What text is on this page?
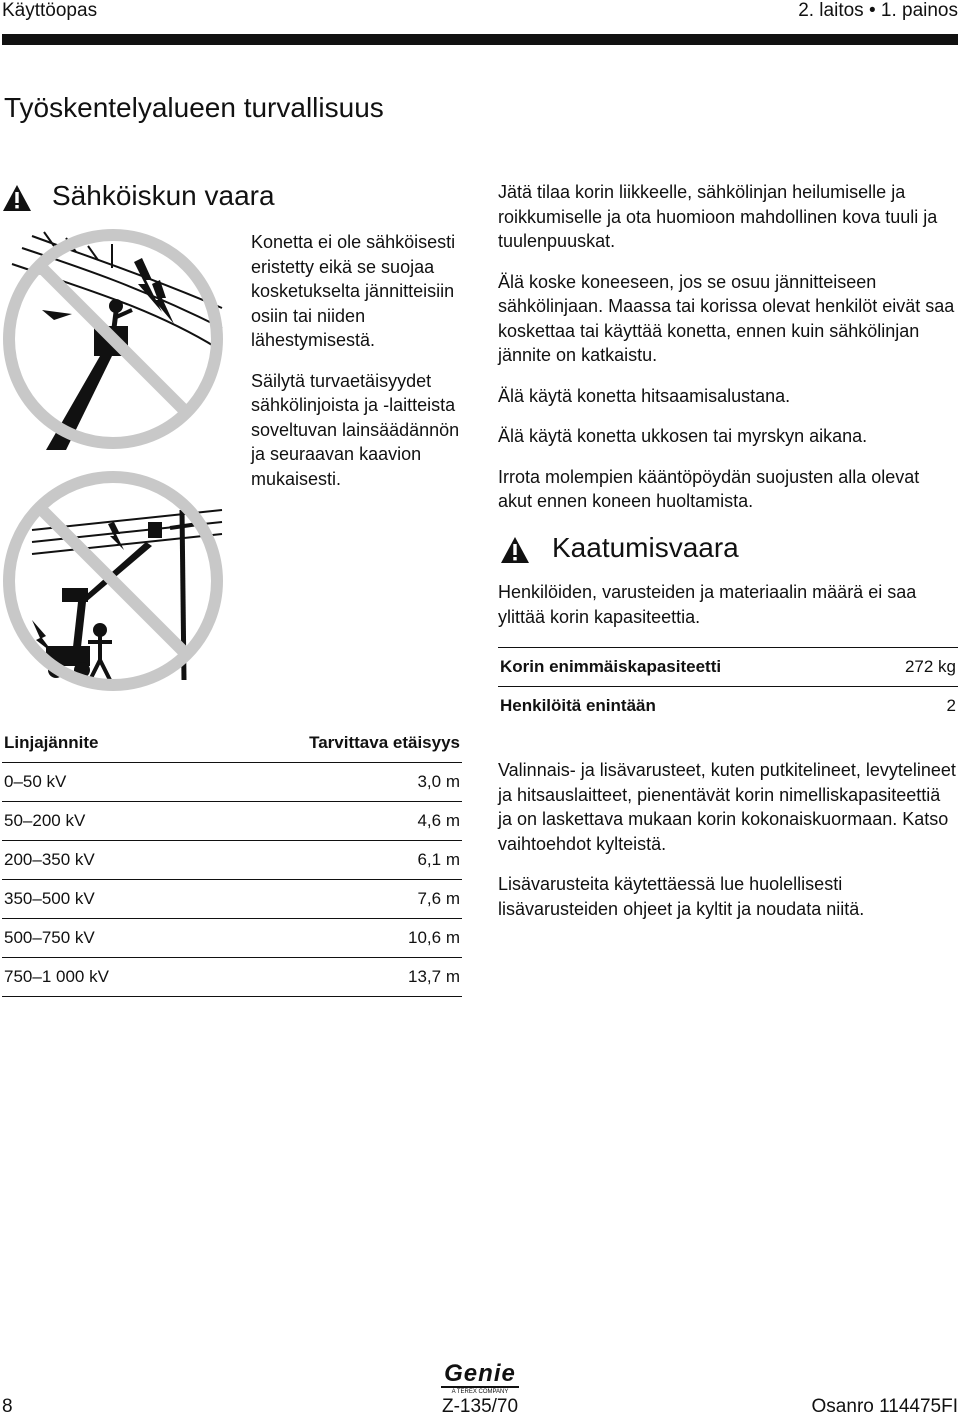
Käyttöopas	2. laitos • 1. painos
Työskentelyalueen turvallisuus
Sähköiskun vaara

Konetta ei ole sähköisesti eristetty eikä se suojaa kosketukselta jännitteisiin osiin tai niiden lähestymisestä.

Säilytä turvaetäisyydet sähkölinjoista ja -laitteista soveltuvan lainsäädännön ja seuraavan kaavion mukaisesti.

Jätä tilaa korin liikkeelle, sähkölinjan heilumiselle ja roikkumiselle ja ota huomioon mahdollinen kova tuuli ja tuulenpuuskat.

Älä koske koneeseen, jos se osuu jännitteiseen sähkölinjaan. Maassa tai korissa olevat henkilöt eivät saa koskettaa tai käyttää konetta, ennen kuin sähkölinjan jännite on katkaistu.

Älä käytä konetta hitsaamisalustana.

Älä käytä konetta ukkosen tai myrskyn aikana.

Irrota molempien kääntöpöydän suojusten alla olevat akut ennen koneen huoltamista.

Kaatumisvaara
Henkilöiden, varusteiden ja materiaalin määrä ei saa ylittää korin kapasiteettia.
Korin enimmäiskapasiteetti	272 kg
Henkilöitä enintään	2

Valinnais- ja lisävarusteet, kuten putkitelineet, levytelineet ja hitsauslaitteet, pienentävät korin nimelliskapasiteettiä ja on laskettava mukaan korin kokonaiskuormaan. Katso vaihtoehdot kylteistä.

Lisävarusteita käytettäessä lue huolellisesti lisävarusteiden ohjeet ja kyltit ja noudata niitä.

Linjajännite	Tarvittava etäisyys
0–50 kV	3,0 m
50–200 kV	4,6 m
200–350 kV	6,1 m
350–500 kV	7,6 m
500–750 kV	10,6 m
750–1 000 kV	13,7 m
Genie
A TEREX COMPANY
8	Z-135/70	Osanro 114475FI
